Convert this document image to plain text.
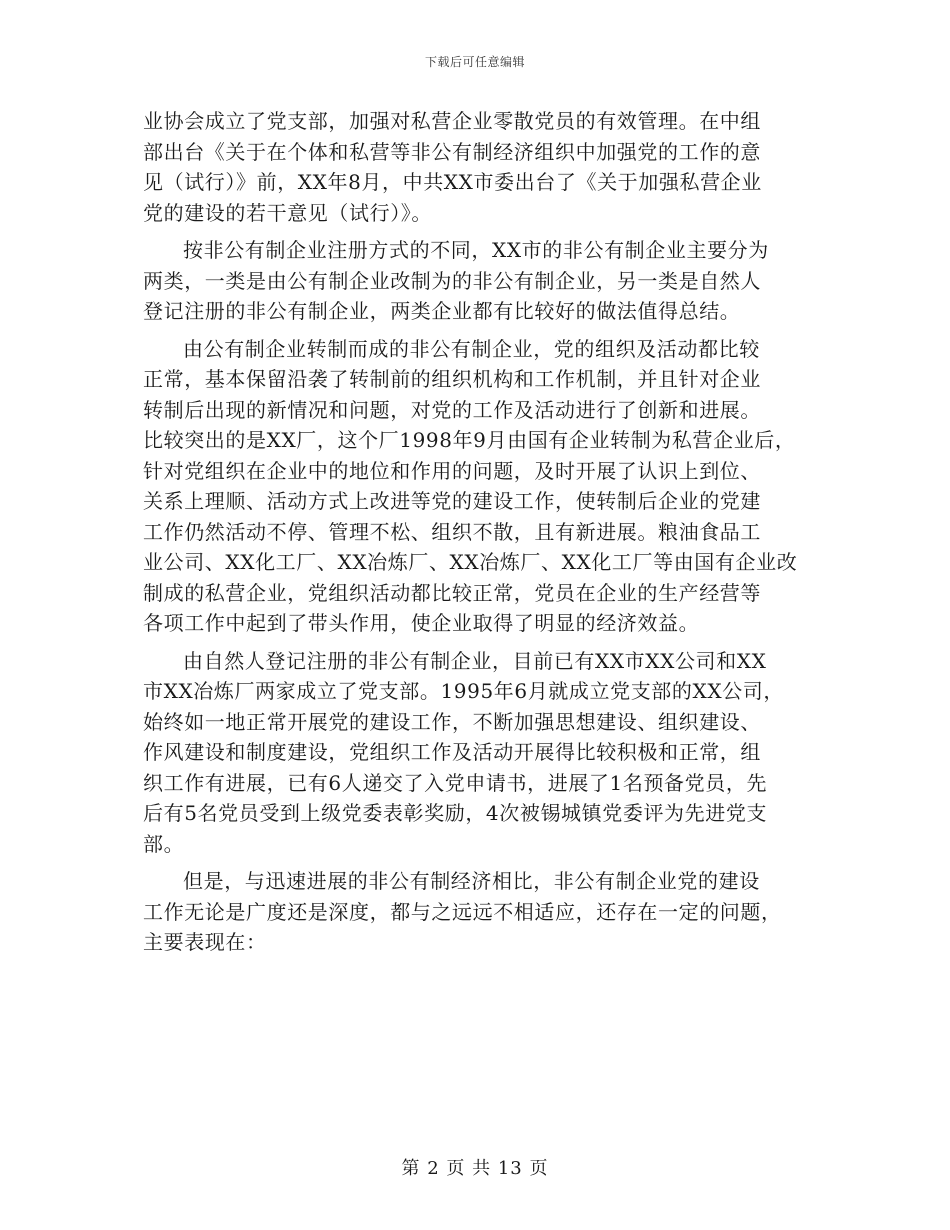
下载后可任意编辑

业协会成立了党支部，加强对私营企业零散党员的有效管理。在中组
部出台《关于在个体和私营等非公有制经济组织中加强党的工作的意
见（试行）》前，XX年8月，中共XX市委出台了《关于加强私营企业
党的建设的若干意见（试行）》。

按非公有制企业注册方式的不同，XX市的非公有制企业主要分为
两类，一类是由公有制企业改制为的非公有制企业，另一类是自然人
登记注册的非公有制企业，两类企业都有比较好的做法值得总结。

由公有制企业转制而成的非公有制企业，党的组织及活动都比较
正常，基本保留沿袭了转制前的组织机构和工作机制，并且针对企业
转制后出现的新情况和问题，对党的工作及活动进行了创新和进展。
比较突出的是XX厂，这个厂1998年9月由国有企业转制为私营企业后，
针对党组织在企业中的地位和作用的问题，及时开展了认识上到位、
关系上理顺、活动方式上改进等党的建设工作，使转制后企业的党建
工作仍然活动不停、管理不松、组织不散，且有新进展。粮油食品工
业公司、XX化工厂、XX冶炼厂、XX冶炼厂、XX化工厂等由国有企业改
制成的私营企业，党组织活动都比较正常，党员在企业的生产经营等
各项工作中起到了带头作用，使企业取得了明显的经济效益。

由自然人登记注册的非公有制企业，目前已有XX市XX公司和XX
市XX冶炼厂两家成立了党支部。1995年6月就成立党支部的XX公司，
始终如一地正常开展党的建设工作，不断加强思想建设、组织建设、
作风建设和制度建设，党组织工作及活动开展得比较积极和正常，组
织工作有进展，已有6人递交了入党申请书，进展了1名预备党员，先
后有5名党员受到上级党委表彰奖励，4次被锡城镇党委评为先进党支
部。

但是，与迅速进展的非公有制经济相比，非公有制企业党的建设
工作无论是广度还是深度，都与之远远不相适应，还存在一定的问题，
主要表现在：

第 2 页 共 13 页
